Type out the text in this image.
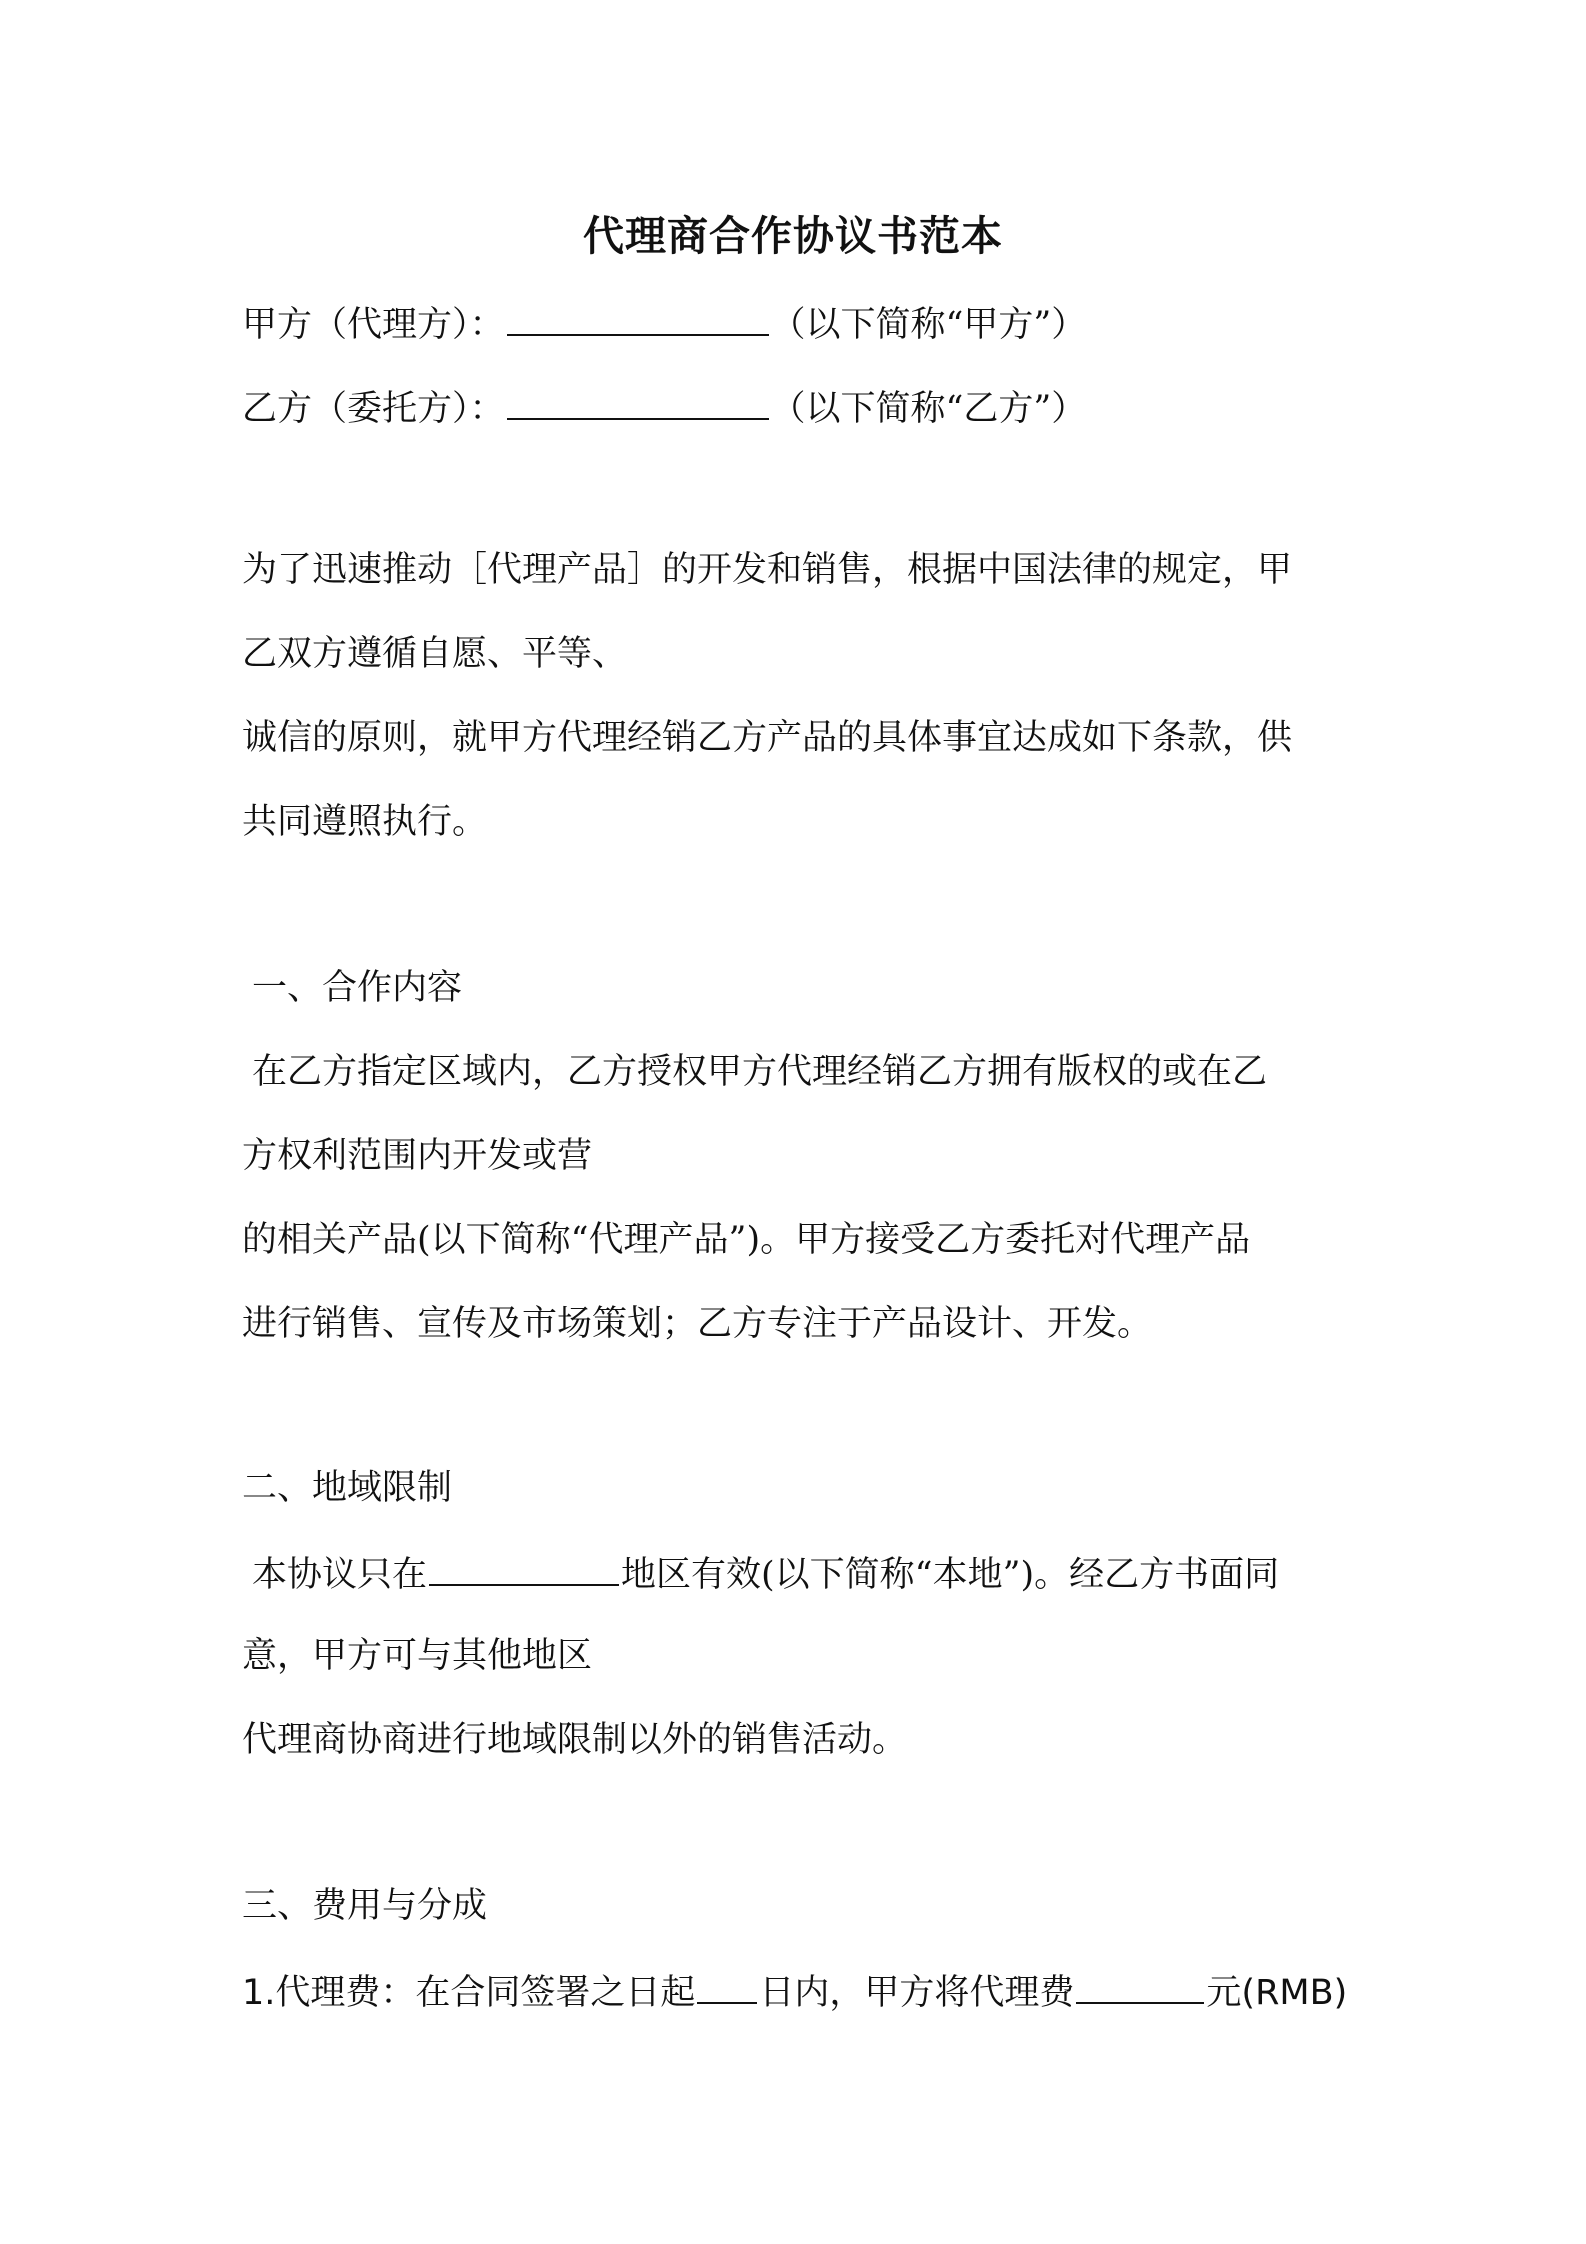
代理商合作协议书范本
甲方（代理方）：	（以下简称“甲方”）
乙方（委托方）：	（以下简称“乙方”）
为了迅速推动［代理产品］的开发和销售，根据中国法律的规定，甲
乙双方遵循自愿、平等、
诚信的原则，就甲方代理经销乙方产品的具体事宜达成如下条款，供
共同遵照执行。
一、合作内容
在乙方指定区域内，乙方授权甲方代理经销乙方拥有版权的或在乙
方权利范围内开发或营
的相关产品(以下简称“代理产品”)。甲方接受乙方委托对代理产品
进行销售、宣传及市场策划；乙方专注于产品设计、开发。
二、地域限制
本协议只在	地区有效(以下简称“本地”)。经乙方书面同
意，甲方可与其他地区
代理商协商进行地域限制以外的销售活动。
三、费用与分成
1.代理费：在合同签署之日起 日内，甲方将代理费	元(RMB)
